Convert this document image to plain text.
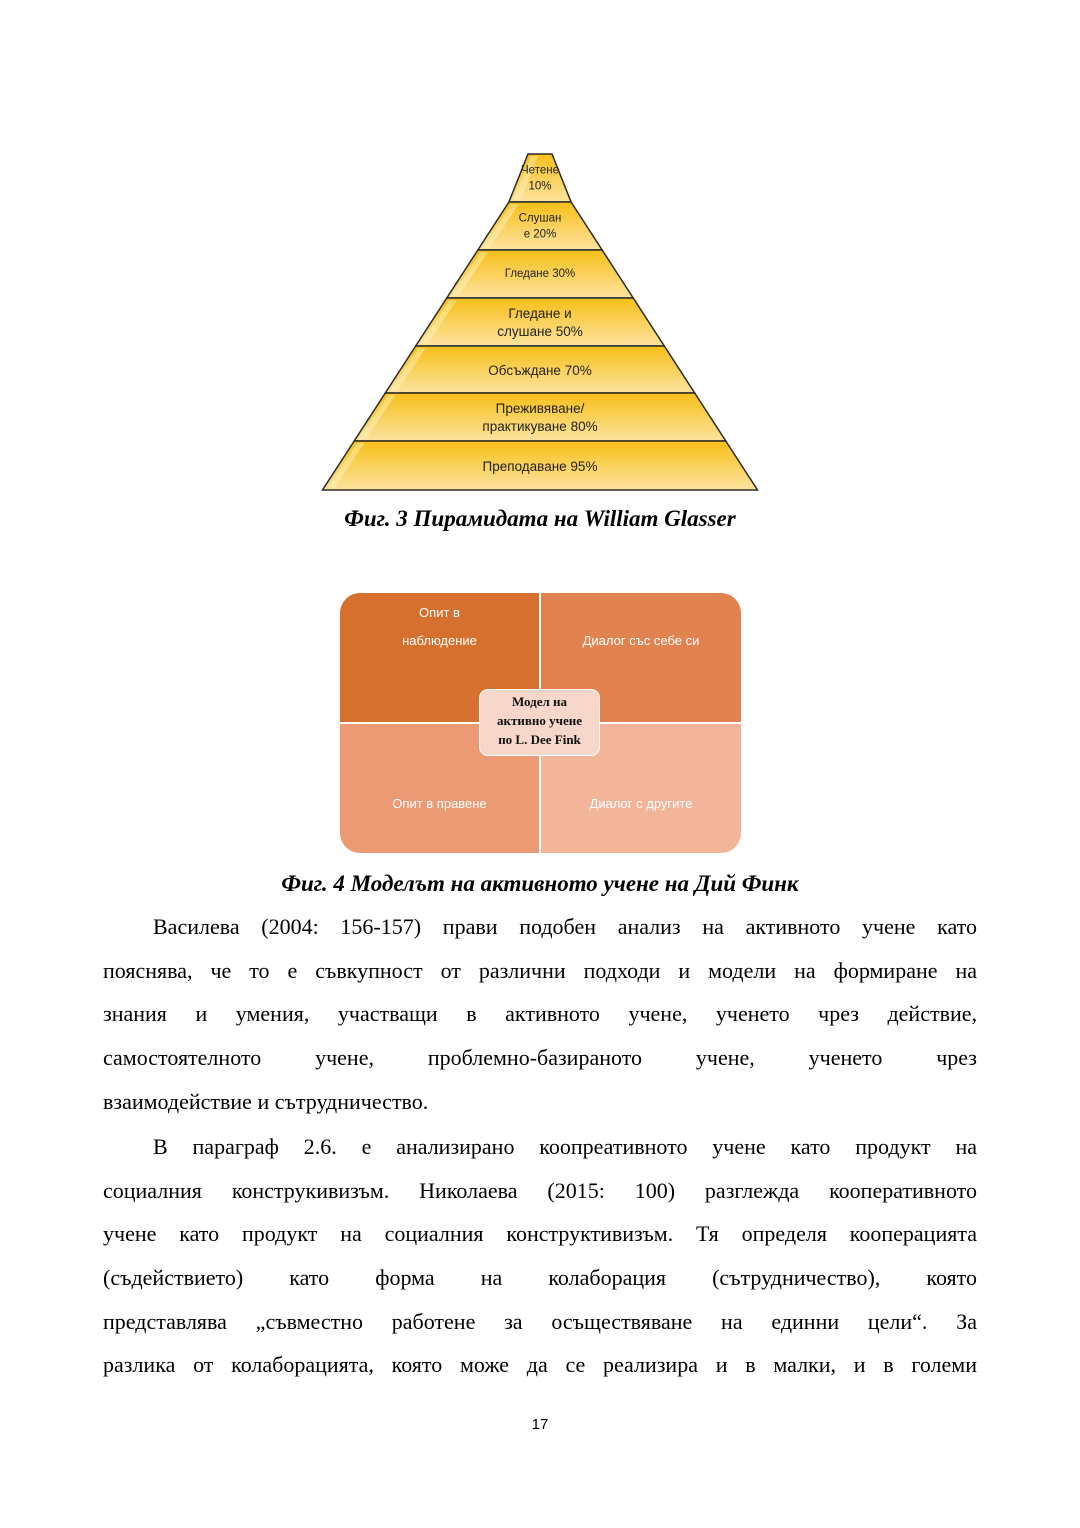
Четене
10%
Слушан
е 20%
Гледане 30%
Гледане и
слушане 50%
Обсъждане 70%
Преживяване/
практикуване 80%
Преподаване 95%
Фиг. 3 Пирамидата на William Glasser
Опит в
наблюдение	Диалог със себе си
Опит в правене	Диалог с другите
Модел на
активно учене
по L. Dee Fink
Фиг. 4 Моделът на активното учене на Дий Финк
Василева (2004: 156-157) прави подобен анализ на активното учене като
пояснява, че то е съвкупност от различни подходи и модели на формиране на
знания и умения, участващи в активното учене, ученето чрез действие,
самостоятелното учене, проблемно-базираното учене, ученето чрез
взаимодействие и сътрудничество.
В параграф 2.6. е анализирано коопреативното учене като продукт на
социалния конструкивизъм. Николаева (2015: 100) разглежда кооперативното
учене като продукт на социалния конструктивизъм. Тя определя кооперацията
(съдействието) като форма на колаборация (сътрудничество), която
представлява „съвместно работене за осъществяване на единни цели“. За
разлика от колаборацията, която може да се реализира и в малки, и в големи
17
